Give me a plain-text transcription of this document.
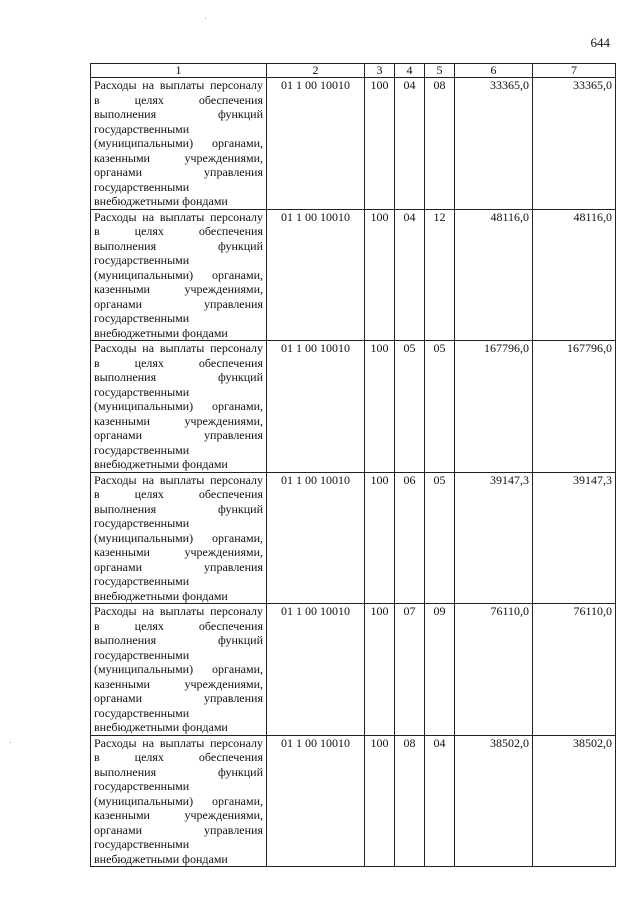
644
1	2	3	4	5	6	7
Расходы на выплаты персоналу в целях обеспечения выполнения функций государственными (муниципальными) органами, казенными учреждениями, органами управления государственными внебюджетными фондами	01 1 00 10010	100	04	08	33365,0	33365,0
Расходы на выплаты персоналу в целях обеспечения выполнения функций государственными (муниципальными) органами, казенными учреждениями, органами управления государственными внебюджетными фондами	01 1 00 10010	100	04	12	48116,0	48116,0
Расходы на выплаты персоналу в целях обеспечения выполнения функций государственными (муниципальными) органами, казенными учреждениями, органами управления государственными внебюджетными фондами	01 1 00 10010	100	05	05	167796,0	167796,0
Расходы на выплаты персоналу в целях обеспечения выполнения функций государственными (муниципальными) органами, казенными учреждениями, органами управления государственными внебюджетными фондами	01 1 00 10010	100	06	05	39147,3	39147,3
Расходы на выплаты персоналу в целях обеспечения выполнения функций государственными (муниципальными) органами, казенными учреждениями, органами управления государственными внебюджетными фондами	01 1 00 10010	100	07	09	76110,0	76110,0
Расходы на выплаты персоналу в целях обеспечения выполнения функций государственными (муниципальными) органами, казенными учреждениями, органами управления государственными внебюджетными фондами	01 1 00 10010	100	08	04	38502,0	38502,0
